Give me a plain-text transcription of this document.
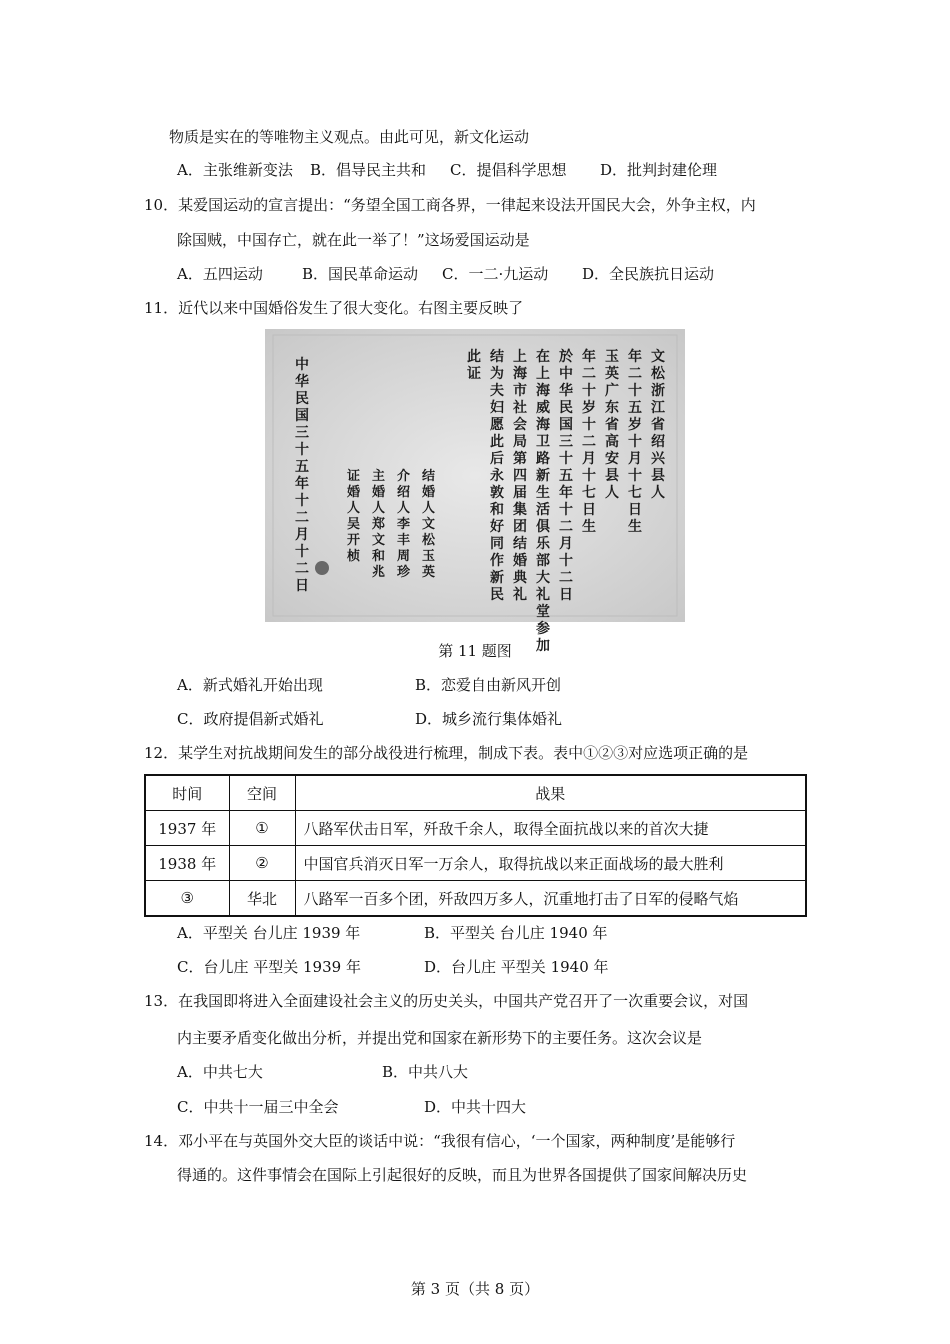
物质是实在的等唯物主义观点。由此可见，新文化运动
A．主张维新变法 B．倡导民主共和 C．提倡科学思想 D．批判封建伦理
10．某爱国运动的宣言提出：“务望全国工商各界，一律起来设法开国民大会，外争主权，内
除国贼，中国存亡，就在此一举了！”这场爱国运动是
A．五四运动	B．国民革命运动 C．一二·九运动 D．全民族抗日运动
11．近代以来中国婚俗发生了很大变化。右图主要反映了
文松 浙江省 绍兴 县人
年二十五岁十月十七日生
玉英 广东省 高安 县人
年二十 岁十二月十七日生
於中华民国三十五年十二月十二日
在上海威海卫路新生活俱乐部大礼堂参加
上海市社会局第四届集团结婚典礼
结为夫妇愿此后永敦和好同作新民
此证
结婚人 文松 玉英
介绍人 李丰 周珍
主婚人 郑文 和兆
证婚人 吴开桢
中华民国三十五年十二月十二日
第 11 题图
A．新式婚礼开始出现	B．恋爱自由新风开创
C．政府提倡新式婚礼	D．城乡流行集体婚礼
12．某学生对抗战期间发生的部分战役进行梳理，制成下表。表中①②③对应选项正确的是
时间	空间	战果
1937 年	①	八路军伏击日军，歼敌千余人，取得全面抗战以来的首次大捷
1938 年	②	中国官兵消灭日军一万余人，取得抗战以来正面战场的最大胜利
③	华北	八路军一百多个团，歼敌四万多人，沉重地打击了日军的侵略气焰
A．平型关 台儿庄 1939 年	B．平型关 台儿庄 1940 年
C．台儿庄 平型关 1939 年	D．台儿庄 平型关 1940 年
13．在我国即将进入全面建设社会主义的历史关头，中国共产党召开了一次重要会议，对国
内主要矛盾变化做出分析，并提出党和国家在新形势下的主要任务。这次会议是
A．中共七大	B．中共八大
C．中共十一届三中全会	D．中共十四大
14．邓小平在与英国外交大臣的谈话中说：“我很有信心，‘一个国家，两种制度’是能够行
得通的。这件事情会在国际上引起很好的反映，而且为世界各国提供了国家间解决历史
第 3 页（共 8 页）
